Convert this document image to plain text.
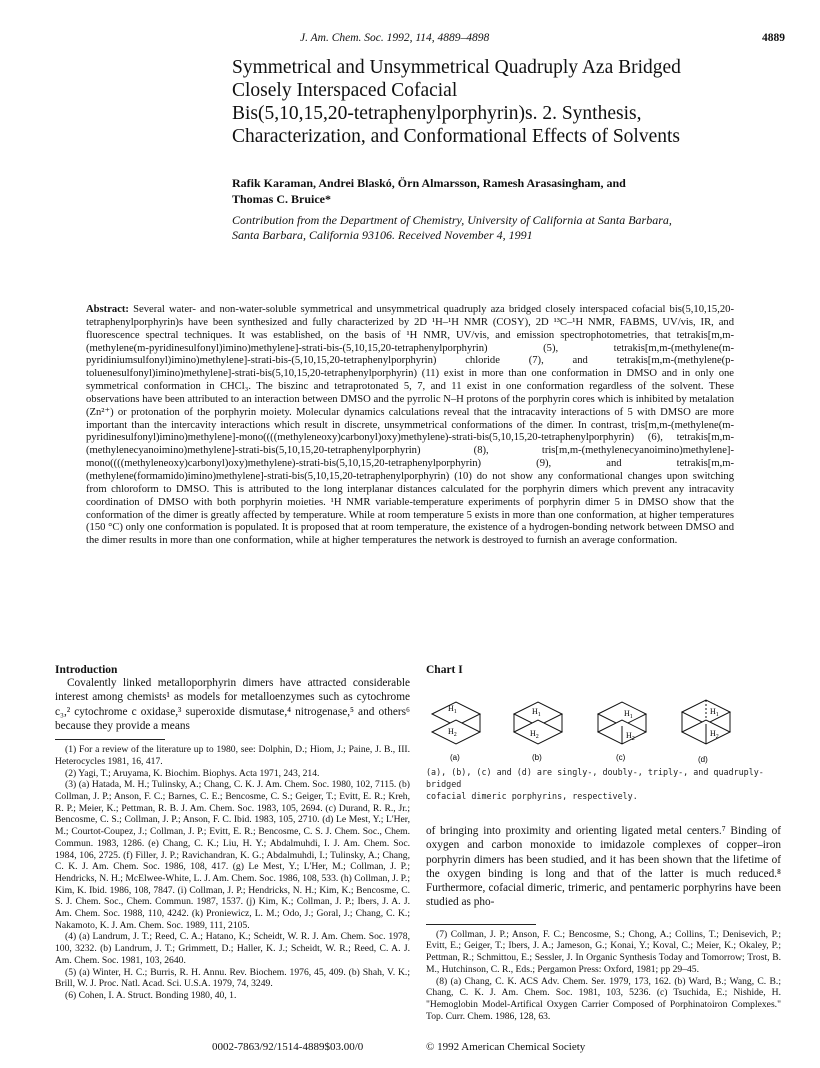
J. Am. Chem. Soc. 1992, 114, 4889–4898	4889
Symmetrical and Unsymmetrical Quadruply Aza Bridged
Closely Interspaced Cofacial
Bis(5,10,15,20-tetraphenylporphyrin)s. 2. Synthesis,
Characterization, and Conformational Effects of Solvents
Rafik Karaman, Andrei Blaskó, Örn Almarsson, Ramesh Arasasingham, and
Thomas C. Bruice*
Contribution from the Department of Chemistry, University of California at Santa Barbara,
Santa Barbara, California 93106. Received November 4, 1991
Abstract: Several water- and non-water-soluble symmetrical and unsymmetrical quadruply aza bridged closely interspaced cofacial bis(5,10,15,20-tetraphenylporphyrin)s have been synthesized and fully characterized by 2D ¹H–¹H NMR (COSY), 2D ¹³C–¹H NMR, FABMS, UV/vis, IR, and fluorescence spectral techniques. It was established, on the basis of ¹H NMR, UV/vis, and emission spectrophotometries, that tetrakis[m,m-(methylene(m-pyridinesulfonyl)imino)methylene]-strati-bis-(5,10,15,20-tetraphenylporphyrin) (5), tetrakis[m,m-(methylene(m-pyridiniumsulfonyl)imino)methylene]-strati-bis-(5,10,15,20-tetraphenylporphyrin) chloride (7), and tetrakis[m,m-(methylene(p-toluenesulfonyl)imino)methylene]-strati-bis(5,10,15,20-tetraphenylporphyrin) (11) exist in more than one conformation in DMSO and in only one symmetrical conformation in CHCl₃. The biszinc and tetraprotonated 5, 7, and 11 exist in one conformation regardless of the solvent. These observations have been attributed to an interaction between DMSO and the pyrrolic N–H protons of the porphyrin cores which is inhibited by metalation (Zn²⁺) or protonation of the porphyrin moiety. Molecular dynamics calculations reveal that the intracavity interactions of 5 with DMSO are more important than the intercavity interactions which result in discrete, unsymmetrical conformations of the dimer. In contrast, tris[m,m-(methylene(m-pyridinesulfonyl)imino)methylene]-mono((((methyleneoxy)carbonyl)oxy)methylene)-strati-bis(5,10,15,20-tetraphenylporphyrin) (6), tetrakis[m,m-(methylenecyanoimino)methylene]-strati-bis(5,10,15,20-tetraphenylporphyrin) (8), tris[m,m-(methylenecyanoimino)methylene]-mono((((methyleneoxy)carbonyl)oxy)methylene)-strati-bis(5,10,15,20-tetraphenylporphyrin) (9), and tetrakis[m,m-(methylene(formamido)imino)methylene]-strati-bis(5,10,15,20-tetraphenylporphyrin) (10) do not show any conformational changes upon switching from chloroform to DMSO. This is attributed to the long interplanar distances calculated for the porphyrin dimers which prevent any intracavity coordination of DMSO with both porphyrin moieties. ¹H NMR variable-temperature experiments of porphyrin dimer 5 in DMSO show that the conformation of the dimer is greatly affected by temperature. While at room temperature 5 exists in more than one conformation, at higher temperatures (150 °C) only one conformation is populated. It is proposed that at room temperature, the existence of a hydrogen-bonding network between DMSO and the dimer results in more than one conformation, while at higher temperatures the network is destroyed to furnish an average conformation.
Introduction
Covalently linked metalloporphyrin dimers have attracted considerable interest among chemists¹ as models for metalloenzymes such as cytochrome c₃,² cytochrome c oxidase,³ superoxide dismutase,⁴ nitrogenase,⁵ and others⁶ because they provide a means

(1) For a review of the literature up to 1980, see: Dolphin, D.; Hiom, J.; Paine, J. B., III. Heterocycles 1981, 16, 417.

(2) Yagi, T.; Aruyama, K. Biochim. Biophys. Acta 1971, 243, 214.

(3) (a) Hatada, M. H.; Tulinsky, A.; Chang, C. K. J. Am. Chem. Soc. 1980, 102, 7115. (b) Collman, J. P.; Anson, F. C.; Barnes, C. E.; Bencosme, C. S.; Geiger, T.; Evitt, E. R.; Kreh, R. P.; Meier, K.; Pettman, R. B. J. Am. Chem. Soc. 1983, 105, 2694. (c) Durand, R. R., Jr.; Bencosme, C. S.; Collman, J. P.; Anson, F. C. Ibid. 1983, 105, 2710. (d) Le Mest, Y.; L'Her, M.; Courtot-Coupez, J.; Collman, J. P.; Evitt, E. R.; Bencosme, C. S. J. Chem. Soc., Chem. Commun. 1983, 1286. (e) Chang, C. K.; Liu, H. Y.; Abdalmuhdi, I. J. Am. Chem. Soc. 1984, 106, 2725. (f) Filler, J. P.; Ravichandran, K. G.; Abdalmuhdi, I.; Tulinsky, A.; Chang, C. K. J. Am. Chem. Soc. 1986, 108, 417. (g) Le Mest, Y.; L'Her, M.; Collman, J. P.; Hendricks, N. H.; McElwee-White, L. J. Am. Chem. Soc. 1986, 108, 533. (h) Collman, J. P.; Kim, K. Ibid. 1986, 108, 7847. (i) Collman, J. P.; Hendricks, N. H.; Kim, K.; Bencosme, C. S. J. Chem. Soc., Chem. Commun. 1987, 1537. (j) Kim, K.; Collman, J. P.; Ibers, J. A. J. Am. Chem. Soc. 1988, 110, 4242. (k) Proniewicz, L. M.; Odo, J.; Goral, J.; Chang, C. K.; Nakamoto, K. J. Am. Chem. Soc. 1989, 111, 2105.

(4) (a) Landrum, J. T.; Reed, C. A.; Hatano, K.; Scheidt, W. R. J. Am. Chem. Soc. 1978, 100, 3232. (b) Landrum, J. T.; Grimmett, D.; Haller, K. J.; Scheidt, W. R.; Reed, C. A. J. Am. Chem. Soc. 1981, 103, 2640.

(5) (a) Winter, H. C.; Burris, R. H. Annu. Rev. Biochem. 1976, 45, 409. (b) Shah, V. K.; Brill, W. J. Proc. Natl. Acad. Sci. U.S.A. 1979, 74, 3249.

(6) Cohen, I. A. Struct. Bonding 1980, 40, 1.

Chart I
$H_1$
$H_2$
(a)
$H_1$
$H_2$
(b)
$H_1$
$H_2$
(c)
$H_1$
$H_2$
(d)
(a), (b), (c) and (d) are singly-, doubly-, triply-, and quadruply-bridged
cofacial dimeric porphyrins, respectively.
of bringing into proximity and orienting ligated metal centers.⁷ Binding of oxygen and carbon monoxide to imidazole complexes of copper–iron porphyrin dimers has been studied, and it has been shown that the lifetime of the oxygen binding is long and that of the latter is much reduced.⁸ Furthermore, cofacial dimeric, trimeric, and pentameric porphyrins have been studied as pho-

(7) Collman, J. P.; Anson, F. C.; Bencosme, S.; Chong, A.; Collins, T.; Denisevich, P.; Evitt, E.; Geiger, T.; Ibers, J. A.; Jameson, G.; Konai, Y.; Koval, C.; Meier, K.; Okaley, P.; Pettman, R.; Schmittou, E.; Sessler, J. In Organic Synthesis Today and Tomorrow; Trost, B. M., Hutchinson, C. R., Eds.; Pergamon Press: Oxford, 1981; pp 29–45.

(8) (a) Chang, C. K. ACS Adv. Chem. Ser. 1979, 173, 162. (b) Ward, B.; Wang, C. B.; Chang, C. K. J. Am. Chem. Soc. 1981, 103, 5236. (c) Tsuchida, E.; Nishide, H. "Hemoglobin Model-Artifical Oxygen Carrier Composed of Porphinatoiron Complexes." Top. Curr. Chem. 1986, 128, 63.

0002-7863/92/1514-4889$03.00/0	© 1992 American Chemical Society
